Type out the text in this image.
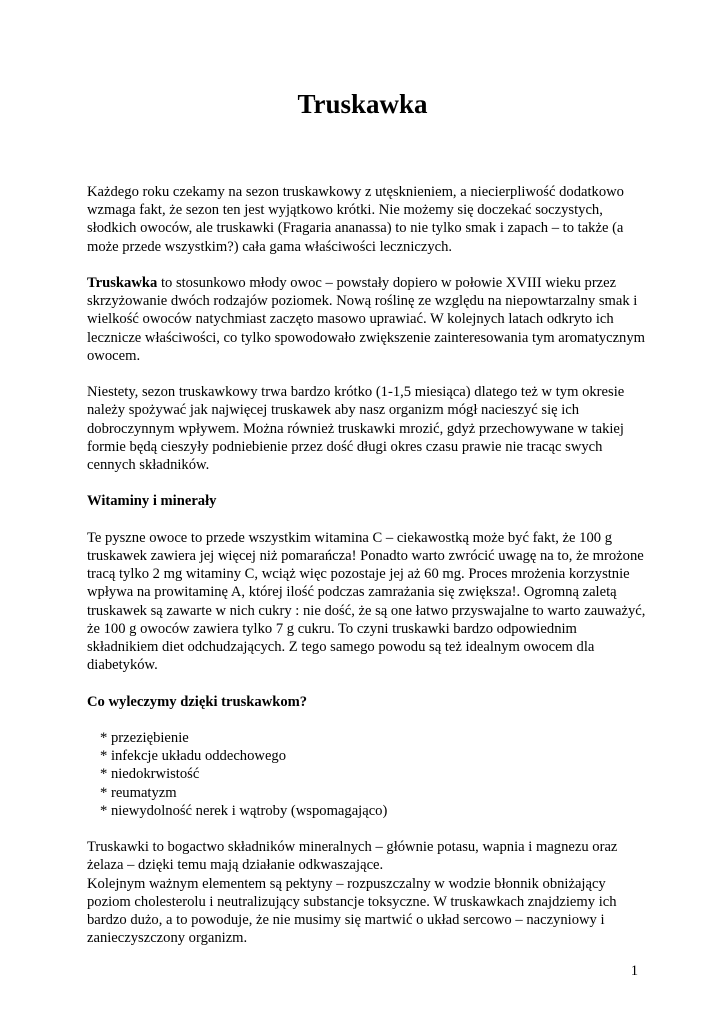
Truskawka

Każdego roku czekamy na sezon truskawkowy z utęsknieniem, a niecierpliwość dodatkowo wzmaga fakt, że sezon ten jest wyjątkowo krótki. Nie możemy się doczekać soczystych, słodkich owoców, ale truskawki (Fragaria ananassa) to nie tylko smak i zapach – to także (a może przede wszystkim?) cała gama właściwości leczniczych.

Truskawka to stosunkowo młody owoc – powstały dopiero w połowie XVIII wieku przez skrzyżowanie dwóch rodzajów poziomek. Nową roślinę ze względu na niepowtarzalny smak i wielkość owoców natychmiast zaczęto masowo uprawiać. W kolejnych latach odkryto ich lecznicze właściwości, co tylko spowodowało zwiększenie zainteresowania tym aromatycznym owocem.

Niestety, sezon truskawkowy trwa bardzo krótko (1-1,5 miesiąca) dlatego też w tym okresie należy spożywać jak najwięcej truskawek aby nasz organizm mógł nacieszyć się ich dobroczynnym wpływem. Można również truskawki mrozić, gdyż przechowywane w takiej formie będą cieszyły podniebienie przez dość długi okres czasu prawie nie tracąc swych cennych składników.

Witaminy i minerały

Te pyszne owoce to przede wszystkim witamina C – ciekawostką może być fakt, że 100 g truskawek zawiera jej więcej niż pomarańcza! Ponadto warto zwrócić uwagę na to, że mrożone tracą tylko 2 mg witaminy C, wciąż więc pozostaje jej aż 60 mg. Proces mrożenia korzystnie wpływa na prowitaminę A, której ilość podczas zamrażania się zwiększa!. Ogromną zaletą truskawek są zawarte w nich cukry : nie dość, że są one łatwo przyswajalne to warto zauważyć, że 100 g owoców zawiera tylko 7 g cukru. To czyni truskawki bardzo odpowiednim składnikiem diet odchudzających. Z tego samego powodu są też idealnym owocem dla diabetyków.

Co wyleczymy dzięki truskawkom?

* przeziębienie
* infekcje układu oddechowego
* niedokrwistość
* reumatyzm
* niewydolność nerek i wątroby (wspomagająco)
Truskawki to bogactwo składników mineralnych – głównie potasu, wapnia i magnezu oraz żelaza – dzięki temu mają działanie odkwaszające.
Kolejnym ważnym elementem są pektyny – rozpuszczalny w wodzie błonnik obniżający poziom cholesterolu i neutralizujący substancje toksyczne. W truskawkach znajdziemy ich bardzo dużo, a to powoduje, że nie musimy się martwić o układ sercowo – naczyniowy i zanieczyszczony organizm.
1
